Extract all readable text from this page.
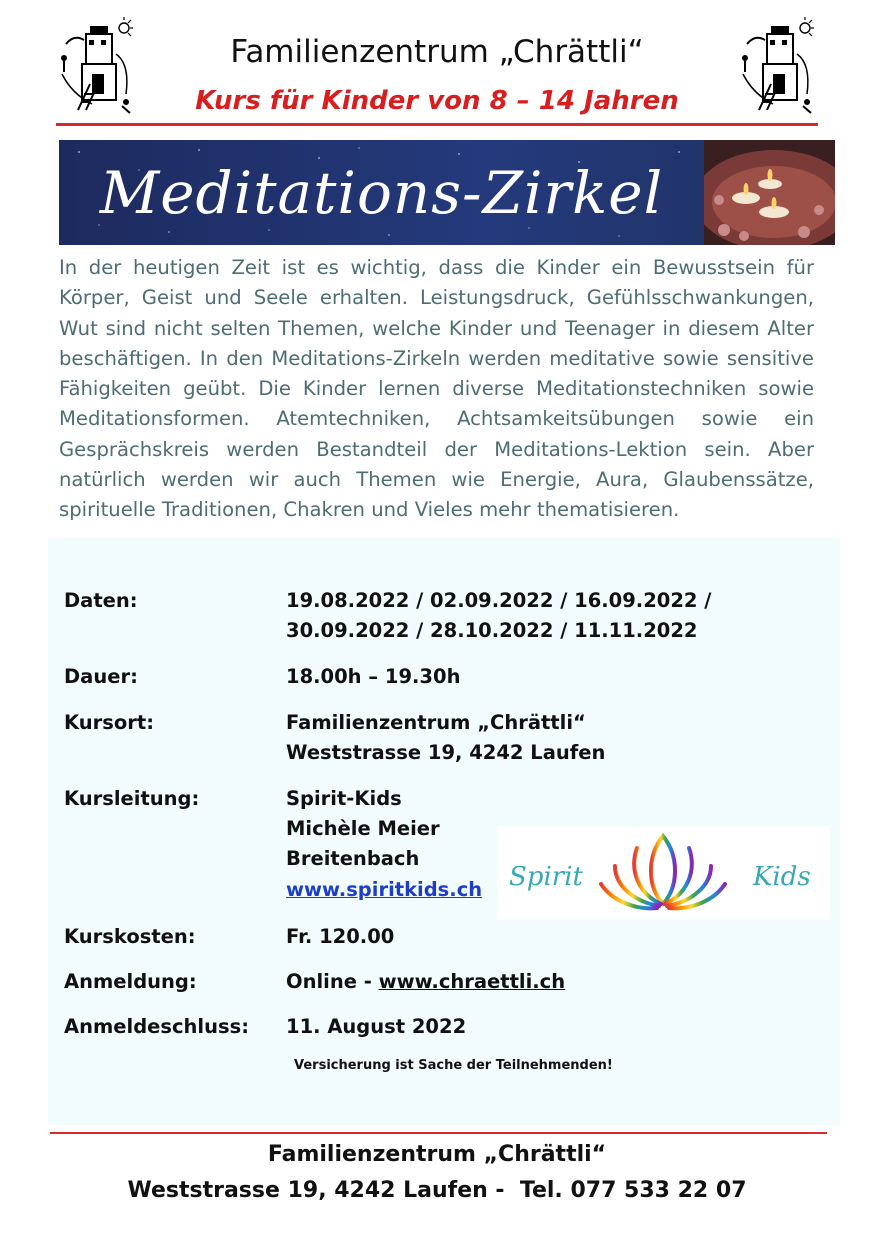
Familienzentrum „Chrättli“
Kurs für Kinder von 8 – 14 Jahren
Meditations-Zirkel
In der heutigen Zeit ist es wichtig, dass die Kinder ein Bewusstsein für Körper, Geist und Seele erhalten. Leistungsdruck, Gefühlsschwankungen, Wut sind nicht selten Themen, welche Kinder und Teenager in diesem Alter beschäftigen. In den Meditations-Zirkeln werden meditative sowie sensitive Fähigkeiten geübt. Die Kinder lernen diverse Meditationstechniken sowie Meditationsformen. Atemtechniken, Achtsamkeitsübungen sowie ein Gesprächskreis werden Bestandteil der Meditations-Lektion sein. Aber natürlich werden wir auch Themen wie Energie, Aura, Glaubenssätze, spirituelle Traditionen, Chakren und Vieles mehr thematisieren.
Daten:	19.08.2022 / 02.09.2022 / 16.09.2022 /
30.09.2022 / 28.10.2022 / 11.11.2022
Dauer:	18.00h – 19.30h
Kursort:	Familienzentrum „Chrättli“
Weststrasse 19, 4242 Laufen
Kursleitung:	Spirit-Kids
Michèle Meier
Breitenbach
www.spiritkids.ch Spirit	Kids
Kurskosten:	Fr. 120.00
Anmeldung:	Online - www.chraettli.ch
Anmeldeschluss: 11. August 2022
Versicherung ist Sache der Teilnehmenden!
Familienzentrum „Chrättli“
Weststrasse 19, 4242 Laufen -  Tel. 077 533 22 07
